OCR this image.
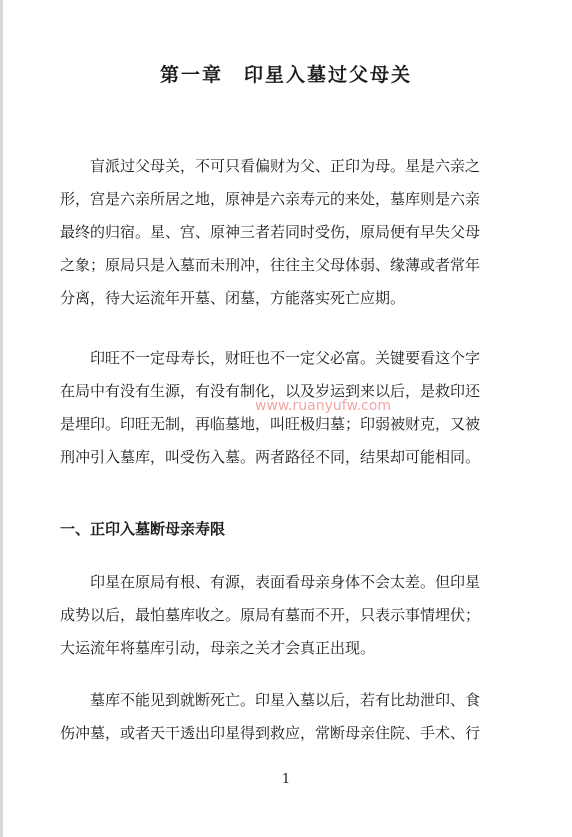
第一章　印星入墓过父母关
盲派过父母关，不可只看偏财为父、正印为母。星是六亲之
形，宫是六亲所居之地，原神是六亲寿元的来处，墓库则是六亲
最终的归宿。星、宫、原神三者若同时受伤，原局便有早失父母
之象；原局只是入墓而未刑冲，往往主父母体弱、缘薄或者常年
分离，待大运流年开墓、闭墓，方能落实死亡应期。
印旺不一定母寿长，财旺也不一定父必富。关键要看这个字
在局中有没有生源，有没有制化，以及岁运到来以后，是救印还
是埋印。印旺无制，再临墓地，叫旺极归墓；印弱被财克，又被
刑冲引入墓库，叫受伤入墓。两者路径不同，结果却可能相同。
www.ruanyufw.com
一、正印入墓断母亲寿限
印星在原局有根、有源，表面看母亲身体不会太差。但印星
成势以后，最怕墓库收之。原局有墓而不开，只表示事情埋伏；
大运流年将墓库引动，母亲之关才会真正出现。
墓库不能见到就断死亡。印星入墓以后，若有比劫泄印、食
伤冲墓，或者天干透出印星得到救应，常断母亲住院、手术、行
1
